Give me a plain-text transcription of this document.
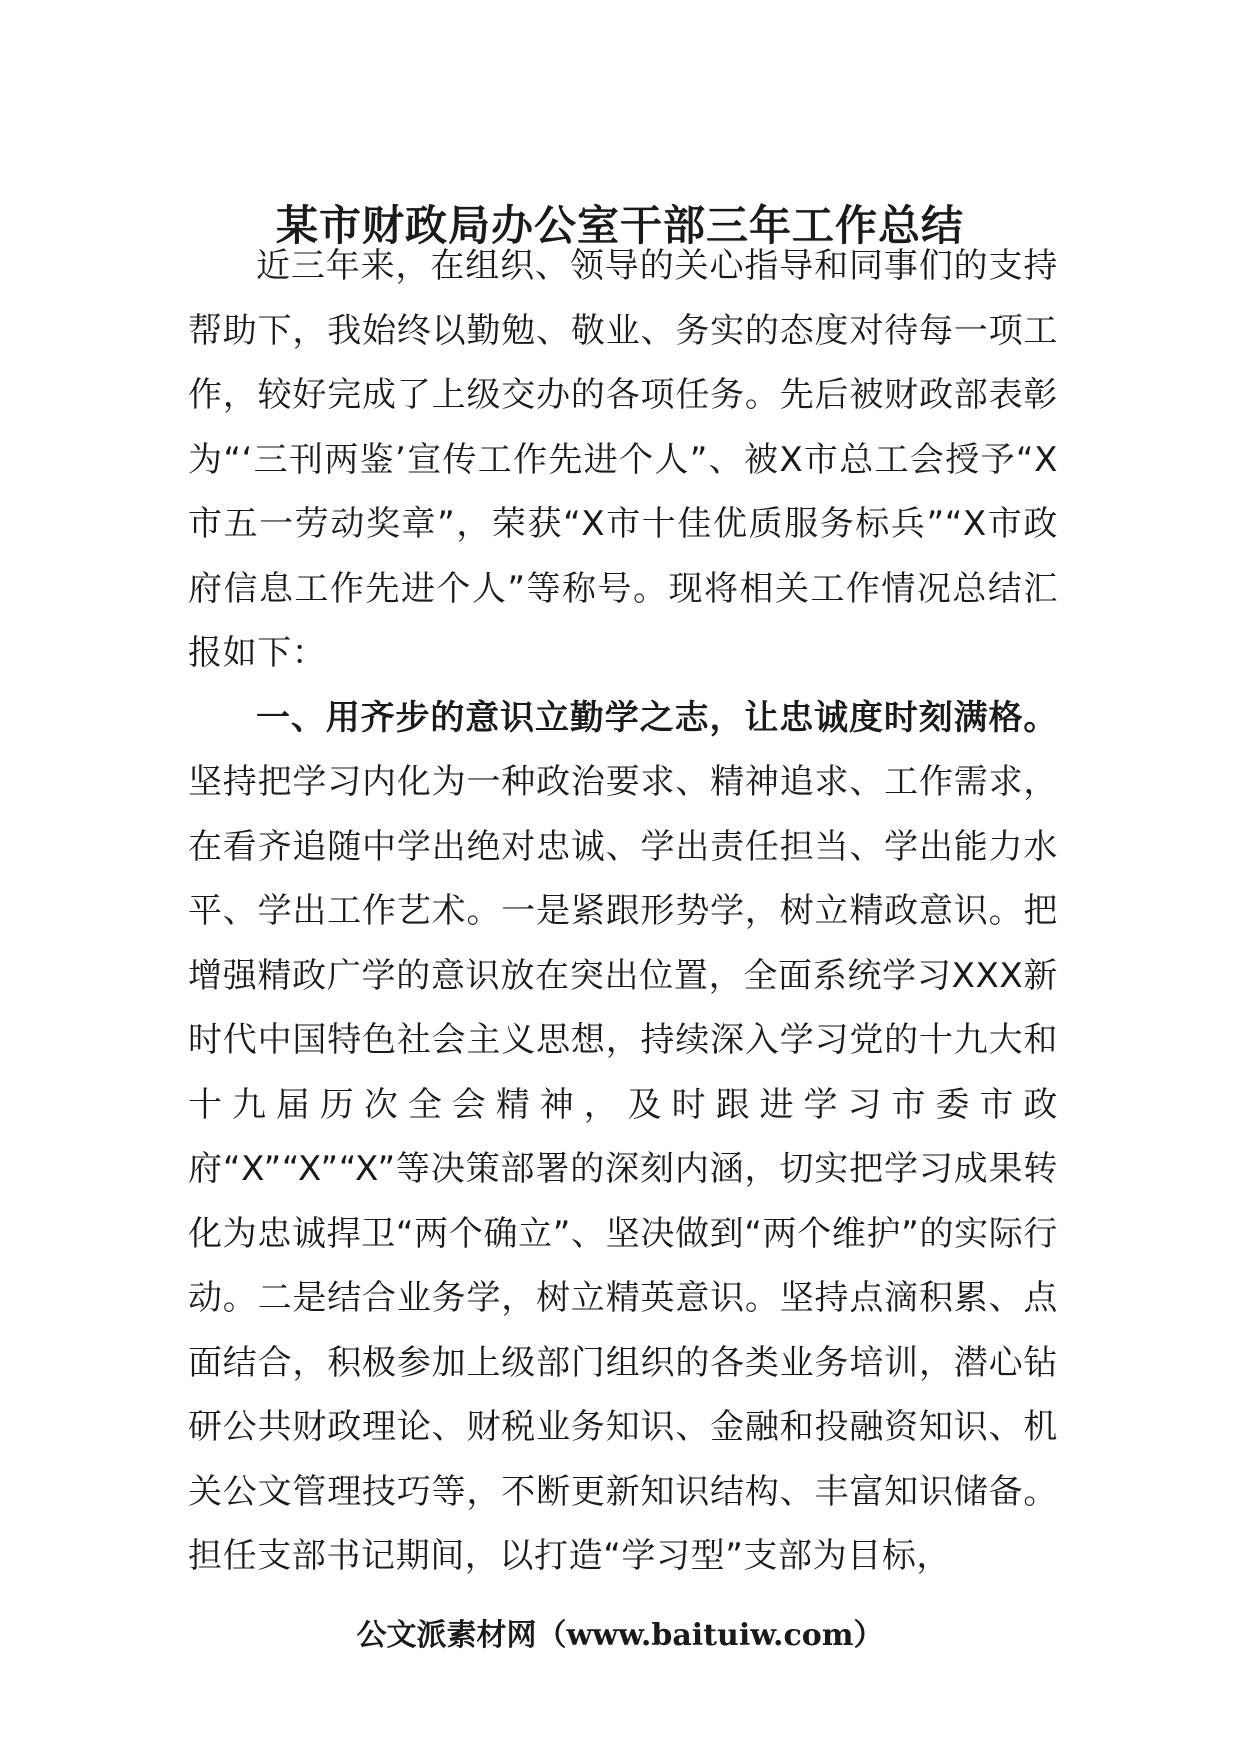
某市财政局办公室干部三年工作总结

近三年来，在组织、领导的关心指导和同事们的支持帮助下，我始终以勤勉、敬业、务实的态度对待每一项工作，较好完成了上级交办的各项任务。先后被财政部表彰为“‘三刊两鉴’宣传工作先进个人”、被X市总工会授予“X市五一劳动奖章”，荣获“X市十佳优质服务标兵”“X市政府信息工作先进个人”等称号。现将相关工作情况总结汇报如下：

一、用齐步的意识立勤学之志，让忠诚度时刻满格。坚持把学习内化为一种政治要求、精神追求、工作需求，在看齐追随中学出绝对忠诚、学出责任担当、学出能力水平、学出工作艺术。一是紧跟形势学，树立精政意识。把增强精政广学的意识放在突出位置，全面系统学习XXX新时代中国特色社会主义思想，持续深入学习党的十九大和十九届历次全会精神，及时跟进学习市委市政府“X”“X”“X”等决策部署的深刻内涵，切实把学习成果转化为忠诚捍卫“两个确立”、坚决做到“两个维护”的实际行动。二是结合业务学，树立精英意识。坚持点滴积累、点面结合，积极参加上级部门组织的各类业务培训，潜心钻研公共财政理论、财税业务知识、金融和投融资知识、机关公文管理技巧等，不断更新知识结构、丰富知识储备。担任支部书记期间，以打造“学习型”支部为目标，

公文派素材网（www.baituiw.com）
